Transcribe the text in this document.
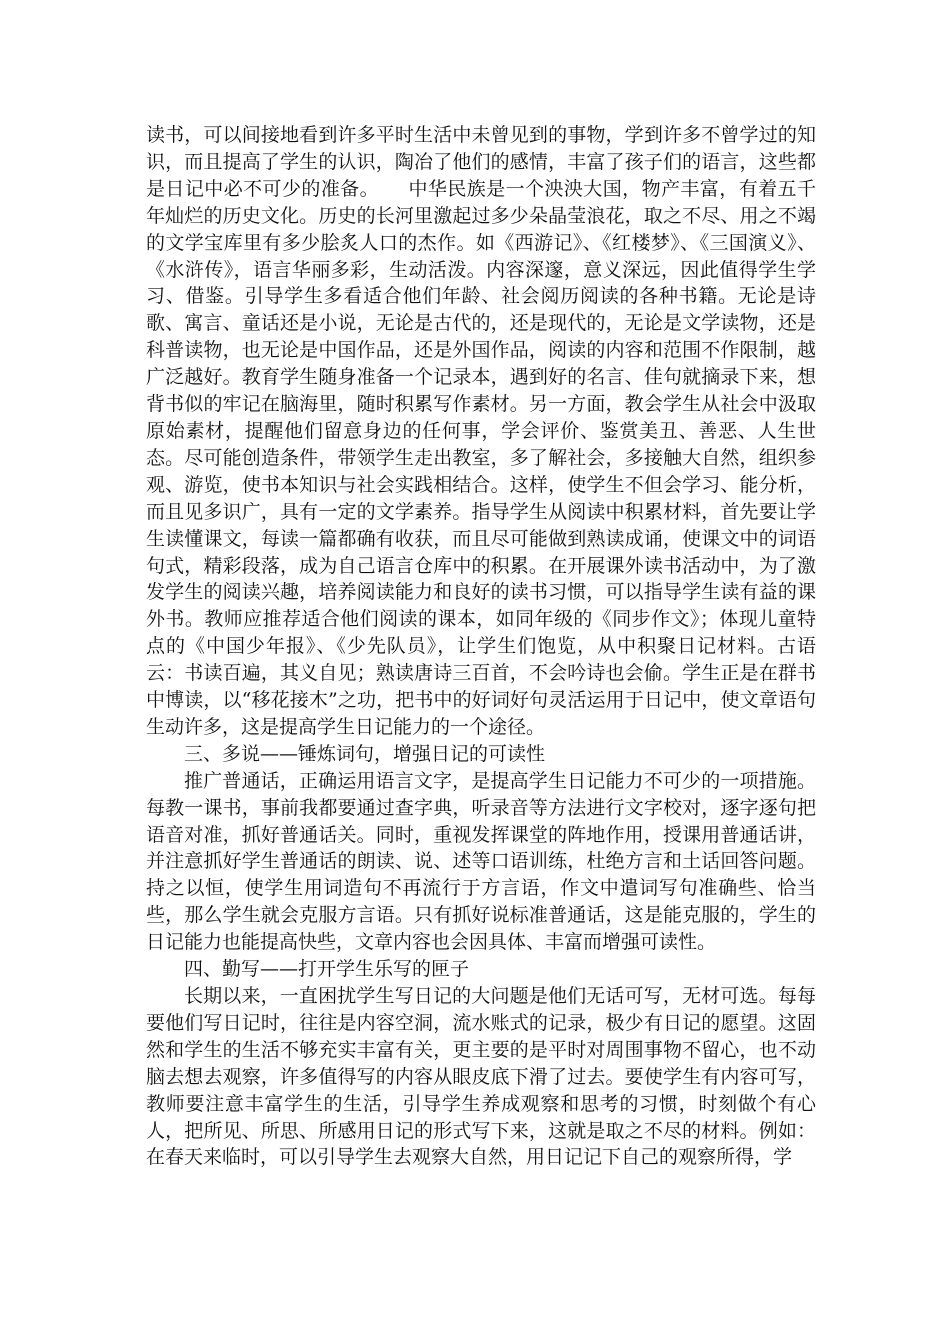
读书，可以间接地看到许多平时生活中未曾见到的事物，学到许多不曾学过的知识，而且提高了学生的认识，陶冶了他们的感情，丰富了孩子们的语言，这些都是日记中必不可少的准备。　　中华民族是一个泱泱大国，物产丰富，有着五千年灿烂的历史文化。历史的长河里激起过多少朵晶莹浪花，取之不尽、用之不竭的文学宝库里有多少脍炙人口的杰作。如《西游记》、《红楼梦》、《三国演义》、《水浒传》，语言华丽多彩，生动活泼。内容深邃，意义深远，因此值得学生学习、借鉴。引导学生多看适合他们年龄、社会阅历阅读的各种书籍。无论是诗歌、寓言、童话还是小说，无论是古代的，还是现代的，无论是文学读物，还是科普读物，也无论是中国作品，还是外国作品，阅读的内容和范围不作限制，越广泛越好。教育学生随身准备一个记录本，遇到好的名言、佳句就摘录下来，想背书似的牢记在脑海里，随时积累写作素材。另一方面，教会学生从社会中汲取原始素材，提醒他们留意身边的任何事，学会评价、鉴赏美丑、善恶、人生世态。尽可能创造条件，带领学生走出教室，多了解社会，多接触大自然，组织参观、游览，使书本知识与社会实践相结合。这样，使学生不但会学习、能分析，而且见多识广，具有一定的文学素养。指导学生从阅读中积累材料，首先要让学生读懂课文，每读一篇都确有收获，而且尽可能做到熟读成诵，使课文中的词语句式，精彩段落，成为自己语言仓库中的积累。在开展课外读书活动中，为了激发学生的阅读兴趣，培养阅读能力和良好的读书习惯，可以指导学生读有益的课外书。教师应推荐适合他们阅读的课本，如同年级的《同步作文》；体现儿童特点的《中国少年报》、《少先队员》，让学生们饱览，从中积聚日记材料。古语云：书读百遍，其义自见；熟读唐诗三百首，不会吟诗也会偷。学生正是在群书中博读，以“移花接木”之功，把书中的好词好句灵活运用于日记中，使文章语句生动许多，这是提高学生日记能力的一个途径。

三、多说——锤炼词句，增强日记的可读性

推广普通话，正确运用语言文字，是提高学生日记能力不可少的一项措施。每教一课书，事前我都要通过查字典，听录音等方法进行文字校对，逐字逐句把语音对准，抓好普通话关。同时，重视发挥课堂的阵地作用，授课用普通话讲，并注意抓好学生普通话的朗读、说、述等口语训练，杜绝方言和土话回答问题。持之以恒，使学生用词造句不再流行于方言语，作文中遣词写句准确些、恰当些，那么学生就会克服方言语。只有抓好说标准普通话，这是能克服的，学生的日记能力也能提高快些，文章内容也会因具体、丰富而增强可读性。

四、勤写——打开学生乐写的匣子

长期以来，一直困扰学生写日记的大问题是他们无话可写，无材可选。每每要他们写日记时，往往是内容空洞，流水账式的记录，极少有日记的愿望。这固然和学生的生活不够充实丰富有关，更主要的是平时对周围事物不留心，也不动脑去想去观察，许多值得写的内容从眼皮底下滑了过去。要使学生有内容可写，教师要注意丰富学生的生活，引导学生养成观察和思考的习惯，时刻做个有心人，把所见、所思、所感用日记的形式写下来，这就是取之不尽的材料。例如：在春天来临时，可以引导学生去观察大自然，用日记记下自己的观察所得，学
